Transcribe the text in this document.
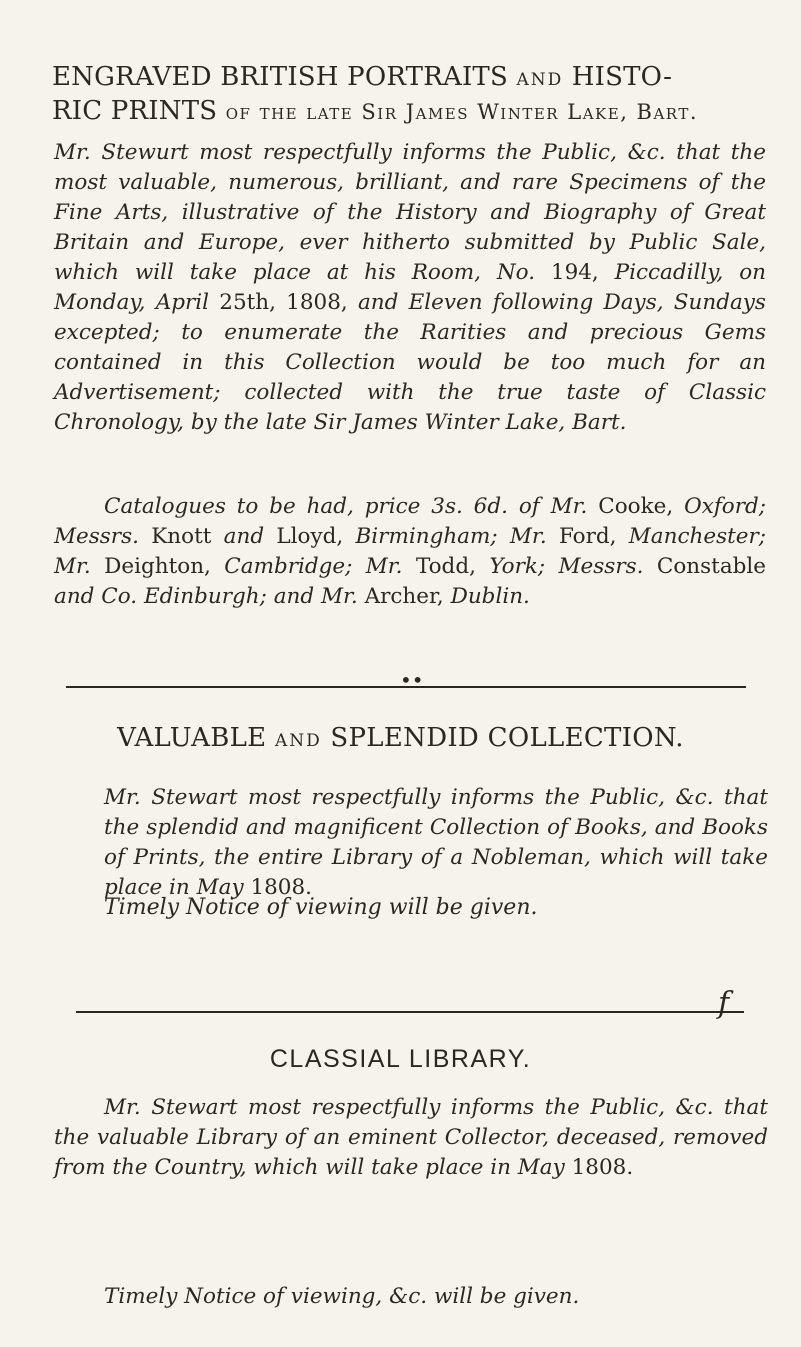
ENGRAVED BRITISH PORTRAITS AND HISTO-
RIC PRINTS of the late Sir James Winter Lake, Bart.
Mr. Stewurt most respectfully informs the Public, &c. that the most valuable, numerous, brilliant, and rare Specimens of the Fine Arts, illustrative of the History and Biography of Great Britain and Europe, ever hitherto submitted by Public Sale, which will take place at his Room, No. 194, Piccadilly, on Monday, April 25th, 1808, and Eleven following Days, Sundays excepted; to enumerate the Rarities and precious Gems contained in this Collection would be too much for an Advertisement; collected with the true taste of Classic Chronology, by the late Sir James Winter Lake, Bart.
Catalogues to be had, price 3s. 6d. of Mr. Cooke, Oxford; Messrs. Knott and Lloyd, Birmingham; Mr. Ford, Manchester; Mr. Deighton, Cambridge; Mr. Todd, York; Messrs. Constable and Co. Edinburgh; and Mr. Archer, Dublin.
••
VALUABLE AND SPLENDID COLLECTION.
Mr. Stewart most respectfully informs the Public, &c. that the splendid and magnificent Collection of Books, and Books of Prints, the entire Library of a Nobleman, which will take place in May 1808.
Timely Notice of viewing will be given.
f
CLASSIAL LIBRARY.
Mr. Stewart most respectfully informs the Public, &c. that the valuable Library of an eminent Collector, deceased, removed from the Country, which will take place in May 1808.
Timely Notice of viewing, &c. will be given.
